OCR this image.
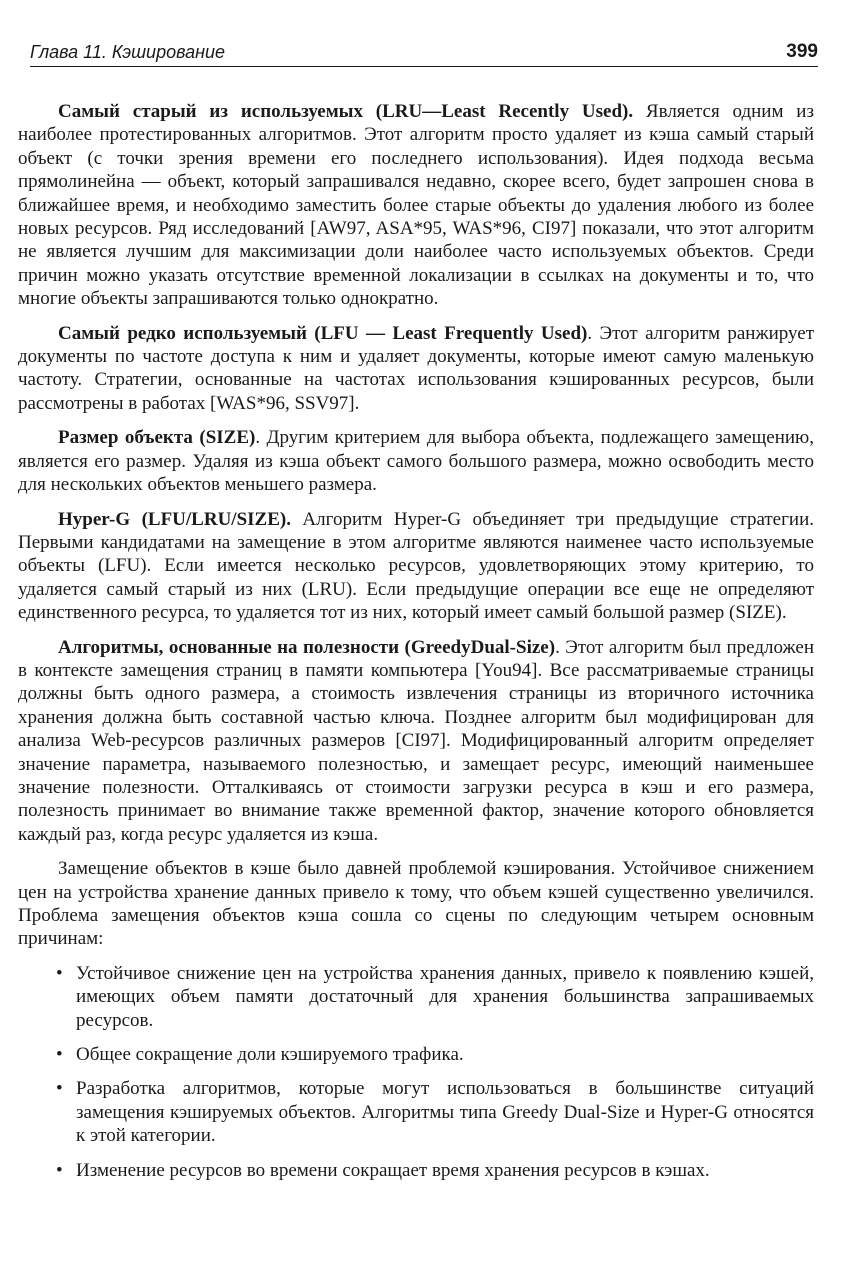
Глава 11. Кэширование	399

Самый старый из используемых (LRU—Least Recently Used). Является одним из наиболее протестированных алгоритмов. Этот алгоритм просто удаляет из кэша самый старый объект (с точки зрения времени его последнего использования). Идея подхода весьма прямолинейна — объект, который запрашивался недавно, скорее всего, будет запрошен снова в ближайшее время, и необходимо заместить более старые объекты до удаления любого из более новых ресурсов. Ряд исследований [AW97, ASA*95, WAS*96, CI97] показали, что этот алгоритм не является лучшим для максимизации доли наиболее часто используемых объектов. Среди причин можно указать отсутствие временной локализации в ссылках на документы и то, что многие объекты запрашиваются только однократно.

Самый редко используемый (LFU — Least Frequently Used). Этот алгоритм ранжирует документы по частоте доступа к ним и удаляет документы, которые имеют самую маленькую частоту. Стратегии, основанные на частотах использования кэшированных ресурсов, были рассмотрены в работах [WAS*96, SSV97].

Размер объекта (SIZE). Другим критерием для выбора объекта, подлежащего замещению, является его размер. Удаляя из кэша объект самого большого размера, можно освободить место для нескольких объектов меньшего размера.

Hyper-G (LFU/LRU/SIZE). Алгоритм Hyper-G объединяет три предыдущие стратегии. Первыми кандидатами на замещение в этом алгоритме являются наименее часто используемые объекты (LFU). Если имеется несколько ресурсов, удовлетворяющих этому критерию, то удаляется самый старый из них (LRU). Если предыдущие операции все еще не определяют единственного ресурса, то удаляется тот из них, который имеет самый большой размер (SIZE).

Алгоритмы, основанные на полезности (GreedyDual-Size). Этот алгоритм был предложен в контексте замещения страниц в памяти компьютера [You94]. Все рассматриваемые страницы должны быть одного размера, а стоимость извлечения страницы из вторичного источника хранения должна быть составной частью ключа. Позднее алгоритм был модифицирован для анализа Web-ресурсов различных размеров [CI97]. Модифицированный алгоритм определяет значение параметра, называемого полезностью, и замещает ресурс, имеющий наименьшее значение полезности. Отталкиваясь от стоимости загрузки ресурса в кэш и его размера, полезность принимает во внимание также временной фактор, значение которого обновляется каждый раз, когда ресурс удаляется из кэша.

Замещение объектов в кэше было давней проблемой кэширования. Устойчивое снижением цен на устройства хранение данных привело к тому, что объем кэшей существенно увеличился. Проблема замещения объектов кэша сошла со сцены по следующим четырем основным причинам:

• Устойчивое снижение цен на устройства хранения данных, привело к появлению кэшей, имеющих объем памяти достаточный для хранения большинства запрашиваемых ресурсов.
• Общее сокращение доли кэшируемого трафика.
• Разработка алгоритмов, которые могут использоваться в большинстве ситуаций замещения кэшируемых объектов. Алгоритмы типа Greedy Dual-Size и Hyper-G относятся к этой категории.
• Изменение ресурсов во времени сокращает время хранения ресурсов в кэшах.
